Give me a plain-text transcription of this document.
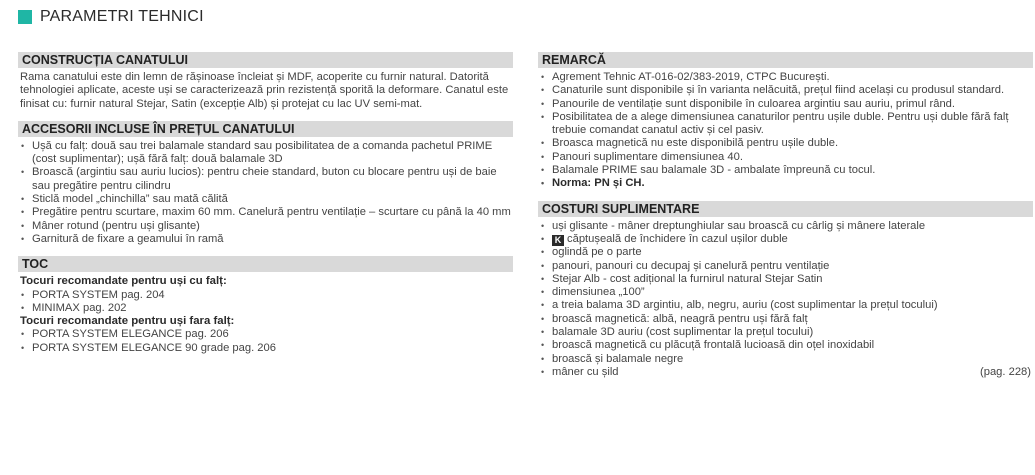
PARAMETRI TEHNICI
CONSTRUCȚIA CANATULUI

Rama canatului este din lemn de rășinoase încleiat și MDF, acoperite cu furnir natural. Datorită tehnologiei aplicate, aceste uși se caracterizează prin rezistență sporită la deformare. Canatul este finisat cu: furnir natural Stejar, Satin (excepție Alb) și protejat cu lac UV semi-mat.

ACCESORII INCLUSE ÎN PREȚUL CANATULUI
• Ușă cu falț: două sau trei balamale standard sau posibilitatea de a comanda pachetul PRIME (cost suplimentar); ușă fără falț: două balamale 3D
• Broască (argintiu sau auriu lucios): pentru cheie standard, buton cu blocare pentru uși de baie sau pregătire pentru cilindru
• Sticlă model „chinchilla” sau mată călită
• Pregătire pentru scurtare, maxim 60 mm. Canelură pentru ventilație – scurtare cu până la 40 mm
• Mâner rotund (pentru uși glisante)
• Garnitură de fixare a geamului în ramă
TOC
Tocuri recomandate pentru uși cu falț:
• PORTA SYSTEM pag. 204
• MINIMAX pag. 202
Tocuri recomandate pentru uși fara falț:
• PORTA SYSTEM ELEGANCE pag. 206
• PORTA SYSTEM ELEGANCE 90 grade pag. 206
REMARCĂ
• Agrement Tehnic AT-016-02/383-2019, CTPC București.
• Canaturile sunt disponibile și în varianta nelăcuită, prețul fiind același cu produsul standard.
• Panourile de ventilație sunt disponibile în culoarea argintiu sau auriu, primul rând.
• Posibilitatea de a alege dimensiunea canaturilor pentru ușile duble. Pentru uși duble fără falț trebuie comandat canatul activ și cel pasiv.
• Broasca magnetică nu este disponibilă pentru ușile duble.
• Panouri suplimentare dimensiunea 40.
• Balamale PRIME sau balamale 3D - ambalate împreună cu tocul.
• Norma: PN și CH.
COSTURI SUPLIMENTARE
• uși glisante - mâner dreptunghiular sau broască cu cârlig și mânere laterale
• K căptușeală de închidere în cazul ușilor duble
• oglindă pe o parte
• panouri, panouri cu decupaj și canelură pentru ventilație
• Stejar Alb - cost adițional la furnirul natural Stejar Satin
• dimensiunea „100”
• a treia balama 3D argintiu, alb, negru, auriu (cost suplimentar la prețul tocului)
• broască magnetică: albă, neagră pentru uși fără falț
• balamale 3D auriu (cost suplimentar la prețul tocului)
• broască magnetică cu plăcuță frontală lucioasă din oțel inoxidabil
• broască și balamale negre
• mâner cu șild	(pag. 228)
